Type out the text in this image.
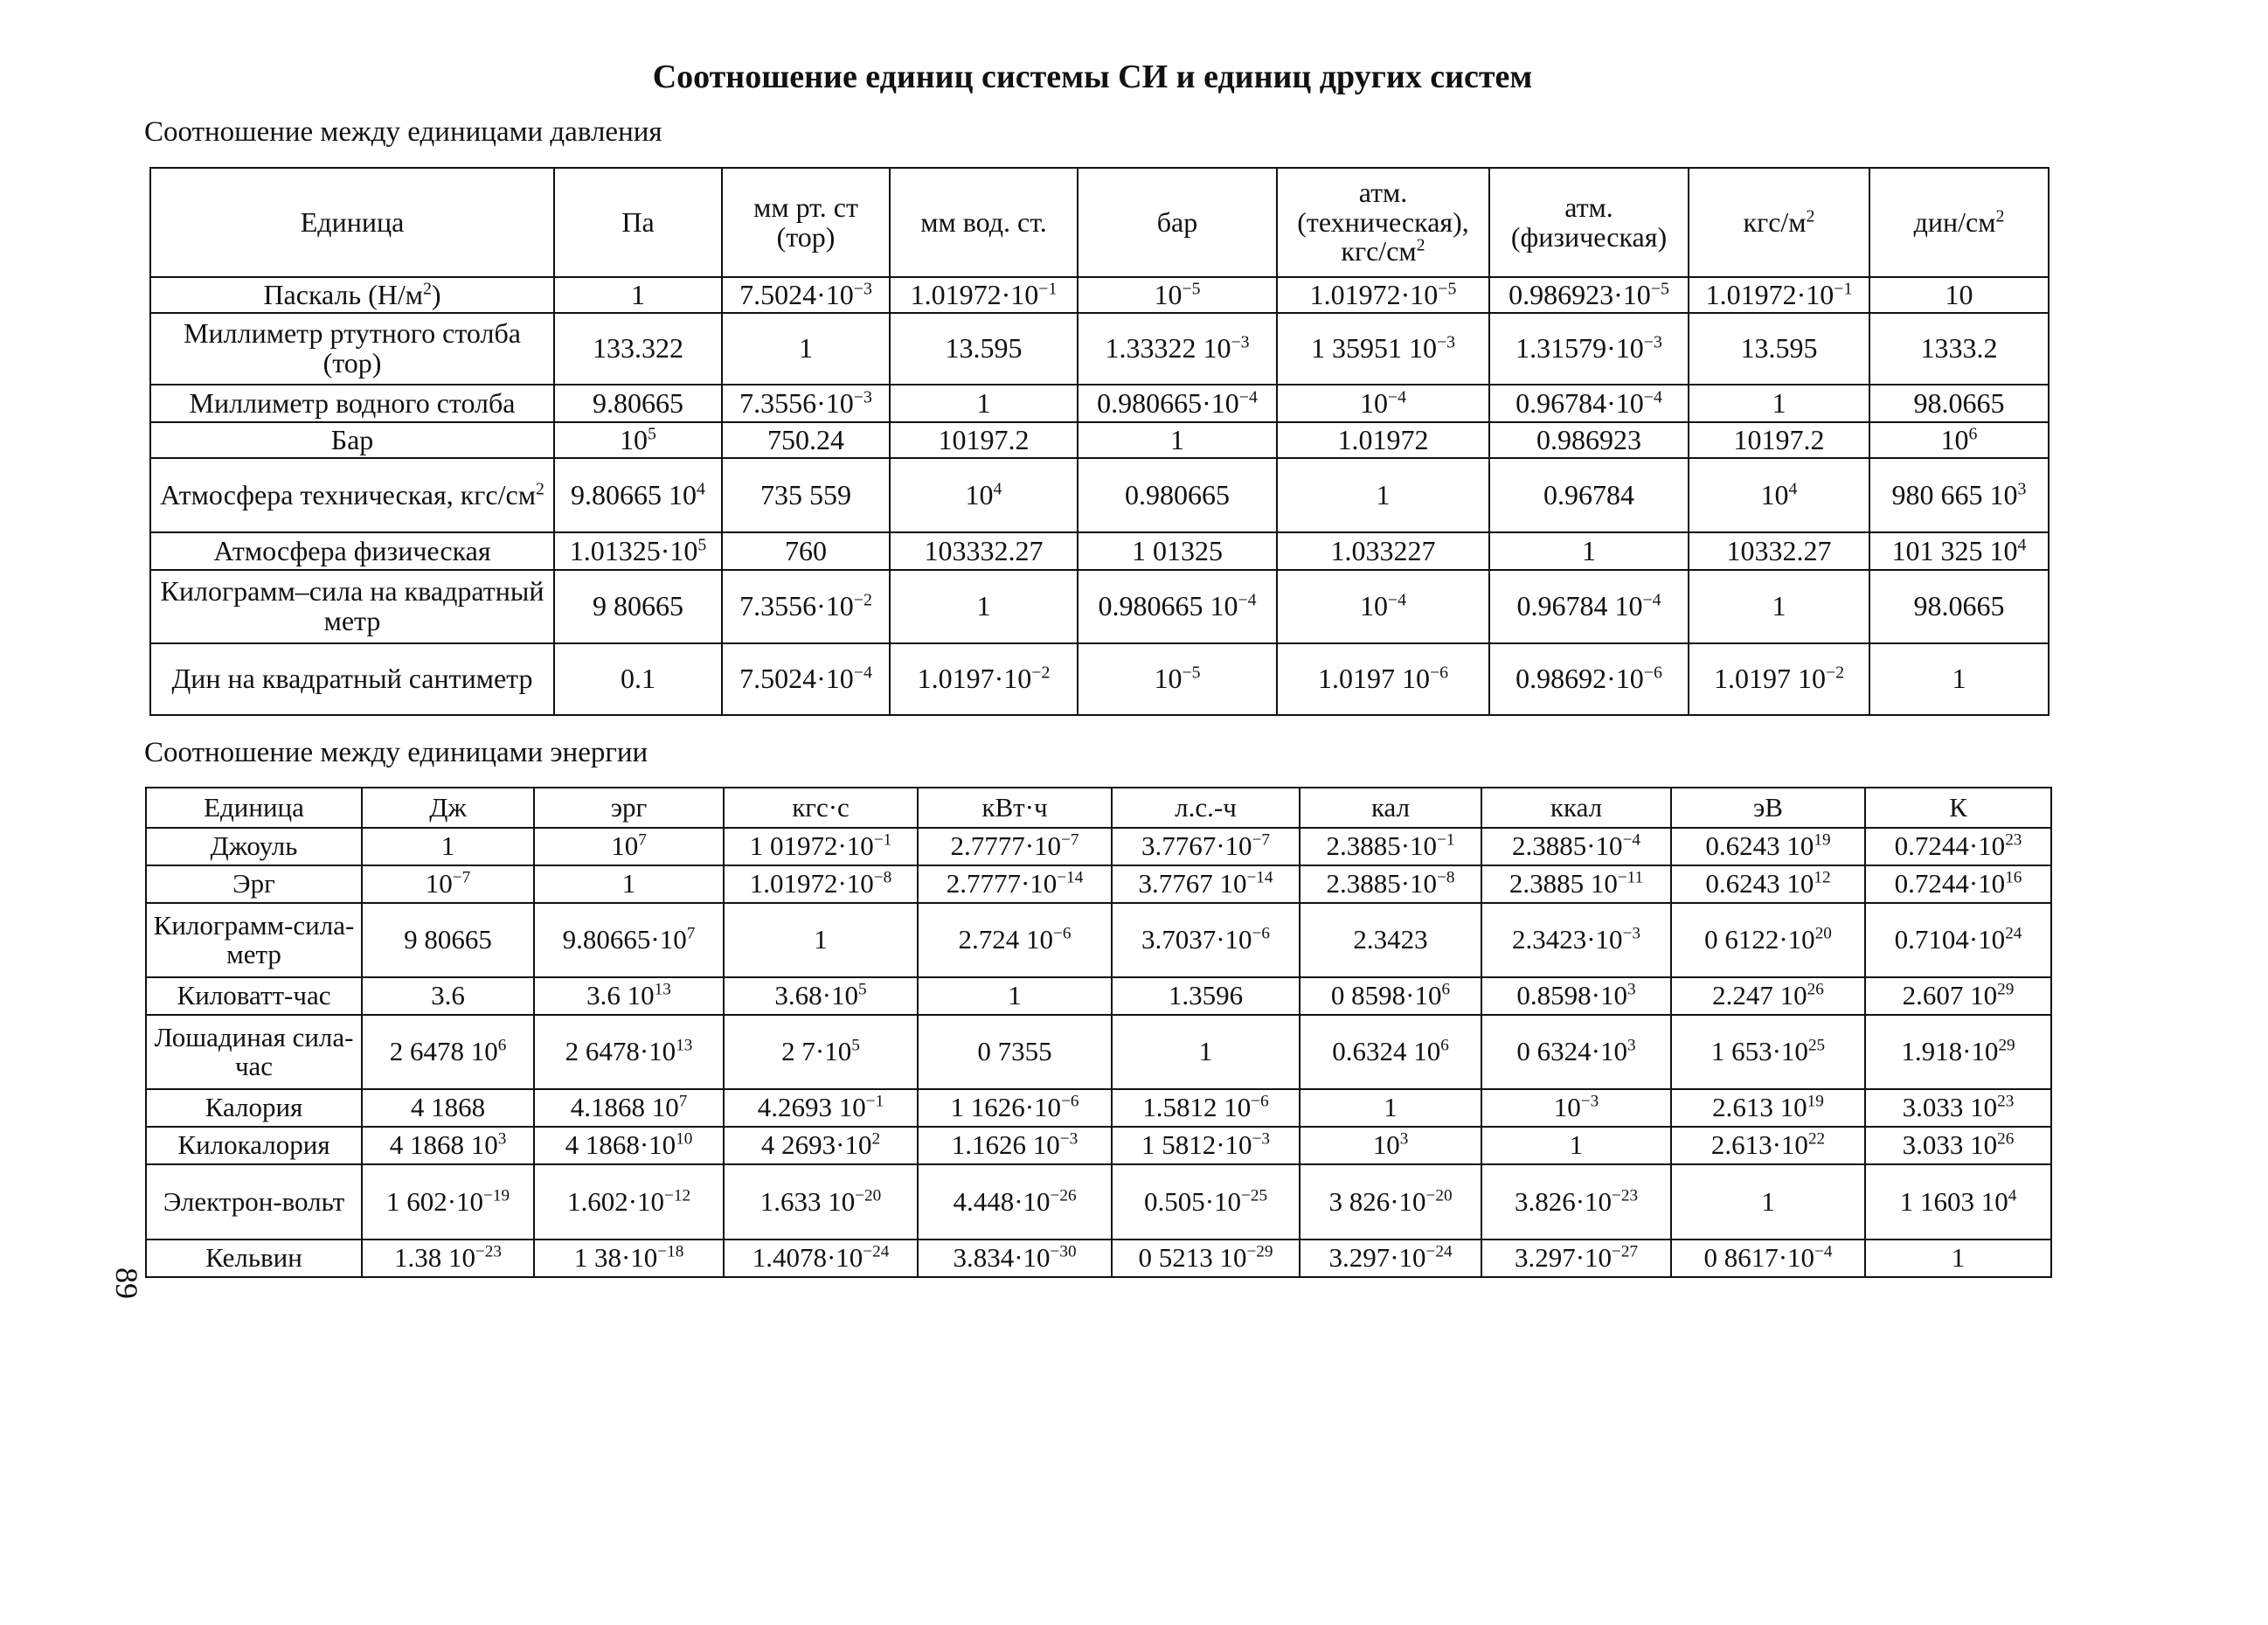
Соотношение единиц системы СИ и единиц других систем
Соотношение между единицами давления
Единица	Па	мм рт. ст (тор)	мм вод. ст.	бар	атм. (техническая), кгс/$см^2$	атм. (физическая)	кгс/$м^2$	дин/$см^2$
Паскаль $(Н/м^2)$	1	$7.5024\cdot 10^{-3}$	$1.01972\cdot 10^{-1}$	$10^{-5}$	$1.01972\cdot 10^{-5}$	$0.986923\cdot 10^{-5}$	$1.01972\cdot 10^{-1}$	10
Миллиметр ртутного столба (тор)	133.322	1	13.595	1.33322 $10^{-3}$	1 35951 $10^{-3}$	$1.31579\cdot 10^{-3}$	13.595	1333.2
Миллиметр водного столба	9.80665	$7.3556\cdot 10^{-3}$	1	$0.980665\cdot 10^{-4}$	$10^{-4}$	$0.96784\cdot 10^{-4}$	1	98.0665
Бар	$10^5$	750.24	10197.2	1	1.01972	0.986923	10197.2	$10^6$
Атмосфера техническая, кгс/$см^2$	9.80665 $10^4$	735 559	$10^4$	0.980665	1	0.96784	$10^4$	980 665 $10^3$
Атмосфера физическая	$1.01325\cdot 10^5$	760	103332.27	1 01325	1.033227	1	10332.27	101 325 $10^4$
Килограмм–сила на квадратный метр	9 80665	$7.3556\cdot 10^{-2}$	1	0.980665 $10^{-4}$	$10^{-4}$	0.96784 $10^{-4}$	1	98.0665
Дин на квадратный сантиметр	0.1	$7.5024\cdot 10^{-4}$	$1.0197\cdot 10^{-2}$	$10^{-5}$	1.0197 $10^{-6}$	$0.98692\cdot 10^{-6}$	1.0197 $10^{-2}$	1
Соотношение между единицами энергии
Единица	Дж	эрг	кгс·с	кВт·ч	л.с.-ч	кал	ккал	эВ	К
Джоуль	1	$10^7$	1 $01972\cdot 10^{-1}$	$2.7777\cdot 10^{-7}$	$3.7767\cdot 10^{-7}$	$2.3885\cdot 10^{-1}$	$2.3885\cdot 10^{-4}$	0.6243 $10^{19}$	$0.7244\cdot 10^{23}$
Эрг	$10^{-7}$	1	$1.01972\cdot 10^{-8}$	$2.7777\cdot 10^{-14}$	3.7767 $10^{-14}$	$2.3885\cdot 10^{-8}$	2.3885 $10^{-11}$	0.6243 $10^{12}$	$0.7244\cdot 10^{16}$
Килограмм-сила-метр	9 80665	$9.80665\cdot 10^7$	1	2.724 $10^{-6}$	$3.7037\cdot 10^{-6}$	2.3423	$2.3423\cdot 10^{-3}$	0 $6122\cdot 10^{20}$	$0.7104\cdot 10^{24}$
Киловатт-час	3.6	3.6 $10^{13}$	$3.68\cdot 10^5$	1	1.3596	0 $8598\cdot 10^6$	$0.8598\cdot 10^3$	2.247 $10^{26}$	2.607 $10^{29}$
Лошадиная сила-час	2 6478 $10^6$	2 $6478\cdot 10^{13}$	2 $7\cdot 10^5$	0 7355	1	0.6324 $10^6$	0 $6324\cdot 10^3$	1 $653\cdot 10^{25}$	$1.918\cdot 10^{29}$
Калория	4 1868	4.1868 $10^7$	4.2693 $10^{-1}$	1 $1626\cdot 10^{-6}$	1.5812 $10^{-6}$	1	$10^{-3}$	2.613 $10^{19}$	3.033 $10^{23}$
Килокалория	4 1868 $10^3$	4 $1868\cdot 10^{10}$	4 $2693\cdot 10^2$	1.1626 $10^{-3}$	1 $5812\cdot 10^{-3}$	$10^3$	1	$2.613\cdot 10^{22}$	3.033 $10^{26}$
Электрон-вольт	1 $602\cdot 10^{-19}$	$1.602\cdot 10^{-12}$	1.633 $10^{-20}$	$4.448\cdot 10^{-26}$	$0.505\cdot 10^{-25}$	3 $826\cdot 10^{-20}$	$3.826\cdot 10^{-23}$	1	1 1603 $10^4$
Кельвин	1.38 $10^{-23}$	1 $38\cdot 10^{-18}$	$1.4078\cdot 10^{-24}$	$3.834\cdot 10^{-30}$	0 5213 $10^{-29}$	$3.297\cdot 10^{-24}$	$3.297\cdot 10^{-27}$	0 $8617\cdot 10^{-4}$	1
89
